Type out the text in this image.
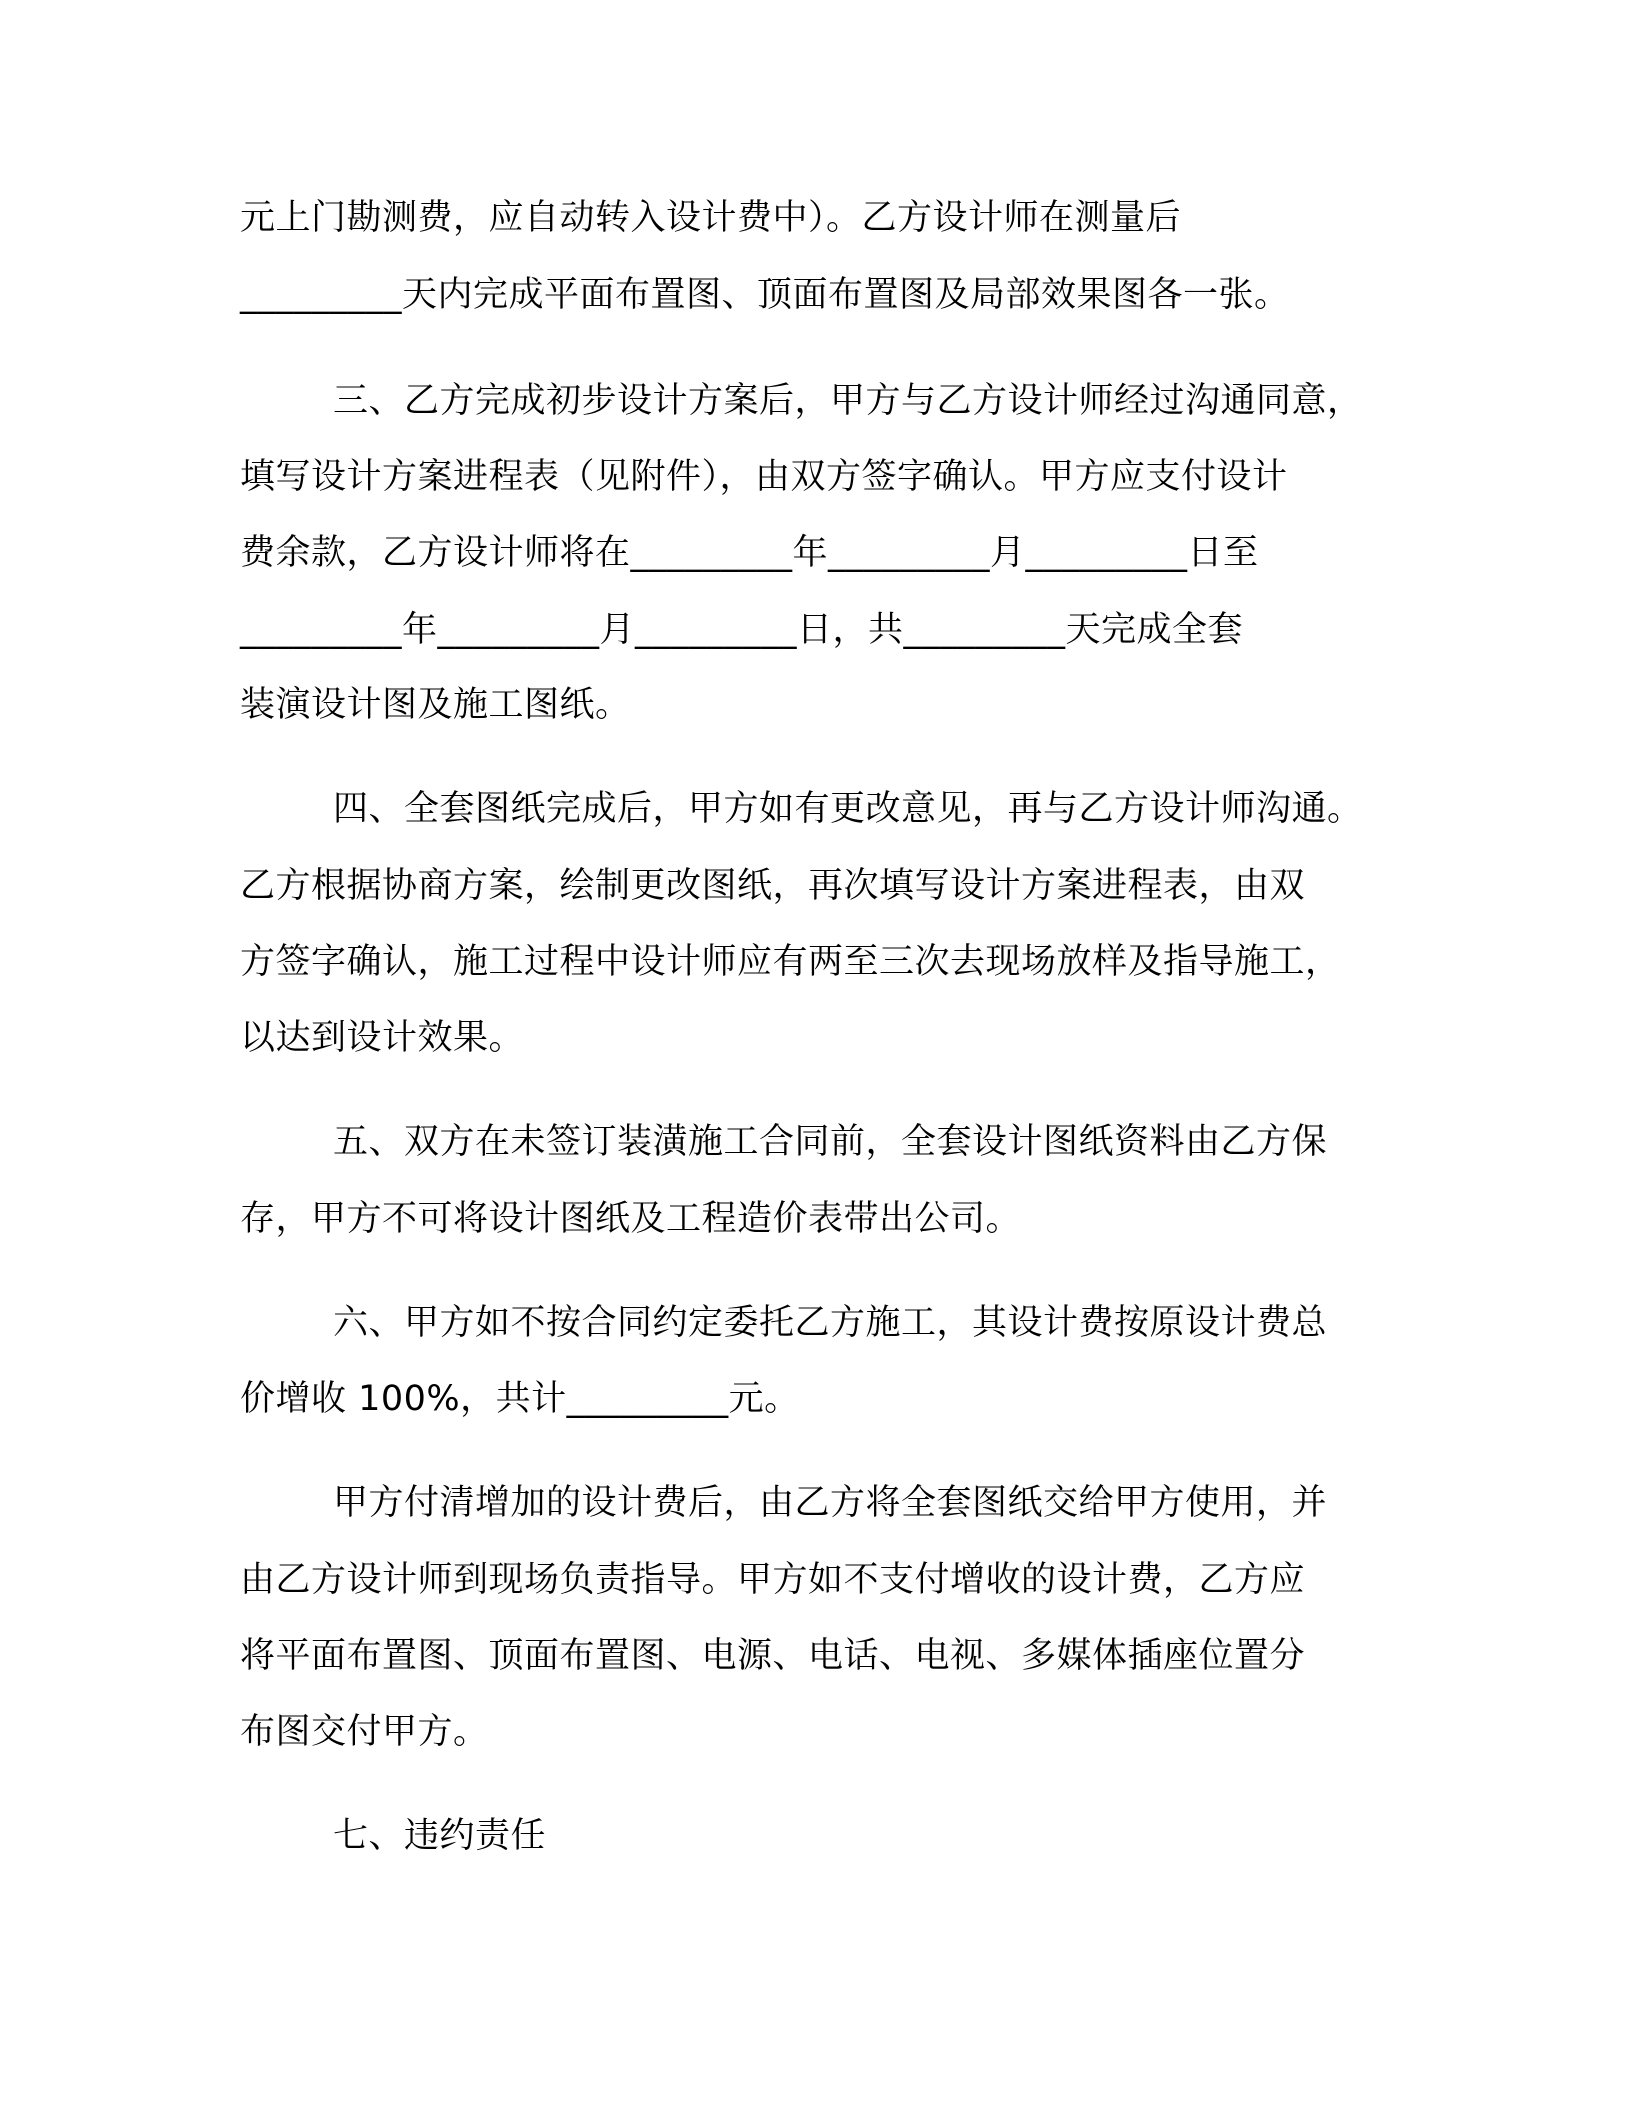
元上门勘测费，应自动转入设计费中）。乙方设计师在测量后
_________天内完成平面布置图、顶面布置图及局部效果图各一张。
三、乙方完成初步设计方案后，甲方与乙方设计师经过沟通同意，
填写设计方案进程表（见附件），由双方签字确认。甲方应支付设计
费余款，乙方设计师将在_________年_________月_________日至
_________年_________月_________日，共_________天完成全套
装演设计图及施工图纸。
四、全套图纸完成后，甲方如有更改意见，再与乙方设计师沟通。
乙方根据协商方案，绘制更改图纸，再次填写设计方案进程表，由双
方签字确认，施工过程中设计师应有两至三次去现场放样及指导施工，
以达到设计效果。
五、双方在未签订装潢施工合同前，全套设计图纸资料由乙方保
存，甲方不可将设计图纸及工程造价表带出公司。
六、甲方如不按合同约定委托乙方施工，其设计费按原设计费总
价增收 100%，共计_________元。
甲方付清增加的设计费后，由乙方将全套图纸交给甲方使用，并
由乙方设计师到现场负责指导。甲方如不支付增收的设计费，乙方应
将平面布置图、顶面布置图、电源、电话、电视、多媒体插座位置分
布图交付甲方。
七、违约责任
